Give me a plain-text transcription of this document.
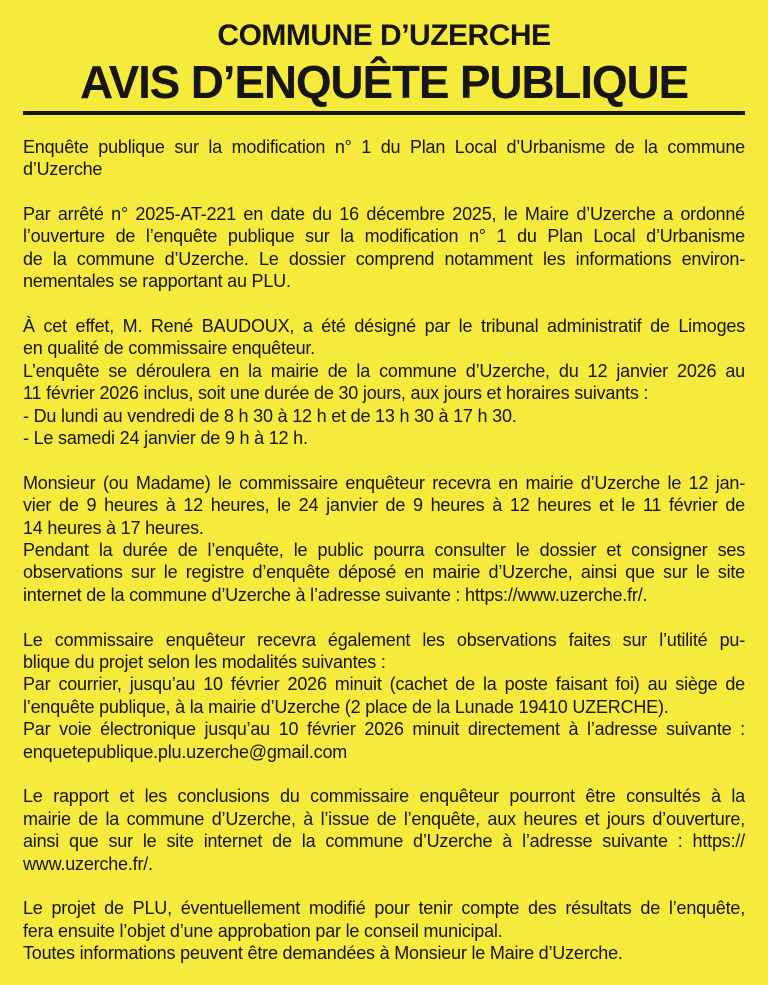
COMMUNE D’UZERCHE
AVIS D’ENQUÊTE PUBLIQUE
Enquête publique sur la modification n° 1 du Plan Local d’Urbanisme de la commune
d’Uzerche
Par arrêté n° 2025-AT-221 en date du 16 décembre 2025, le Maire d’Uzerche a ordonné
l’ouverture de l’enquête publique sur la modification n° 1 du Plan Local d’Urbanisme
de la commune d’Uzerche. Le dossier comprend notamment les informations environ-
nementales se rapportant au PLU.
À cet effet, M. René BAUDOUX, a été désigné par le tribunal administratif de Limoges
en qualité de commissaire enquêteur.
L’enquête se déroulera en la mairie de la commune d’Uzerche, du 12 janvier 2026 au
11 février 2026 inclus, soit une durée de 30 jours, aux jours et horaires suivants :
- Du lundi au vendredi de 8 h 30 à 12 h et de 13 h 30 à 17 h 30.
- Le samedi 24 janvier de 9 h à 12 h.
Monsieur (ou Madame) le commissaire enquêteur recevra en mairie d’Uzerche le 12 jan-
vier de 9 heures à 12 heures, le 24 janvier de 9 heures à 12 heures et le 11 février de
14 heures à 17 heures.
Pendant la durée de l’enquête, le public pourra consulter le dossier et consigner ses
observations sur le registre d’enquête déposé en mairie d’Uzerche, ainsi que sur le site
internet de la commune d’Uzerche à l’adresse suivante : https://www.uzerche.fr/.
Le commissaire enquêteur recevra également les observations faites sur l’utilité pu-
blique du projet selon les modalités suivantes :
Par courrier, jusqu’au 10 février 2026 minuit (cachet de la poste faisant foi) au siège de
l’enquête publique, à la mairie d’Uzerche (2 place de la Lunade 19410 UZERCHE).
Par voie électronique jusqu’au 10 février 2026 minuit directement à l’adresse suivante :
enquetepublique.plu.uzerche@gmail.com
Le rapport et les conclusions du commissaire enquêteur pourront être consultés à la
mairie de la commune d’Uzerche, à l’issue de l’enquête, aux heures et jours d’ouverture,
ainsi que sur le site internet de la commune d’Uzerche à l’adresse suivante : https://
www.uzerche.fr/.
Le projet de PLU, éventuellement modifié pour tenir compte des résultats de l’enquête,
fera ensuite l’objet d’une approbation par le conseil municipal.
Toutes informations peuvent être demandées à Monsieur le Maire d’Uzerche.
